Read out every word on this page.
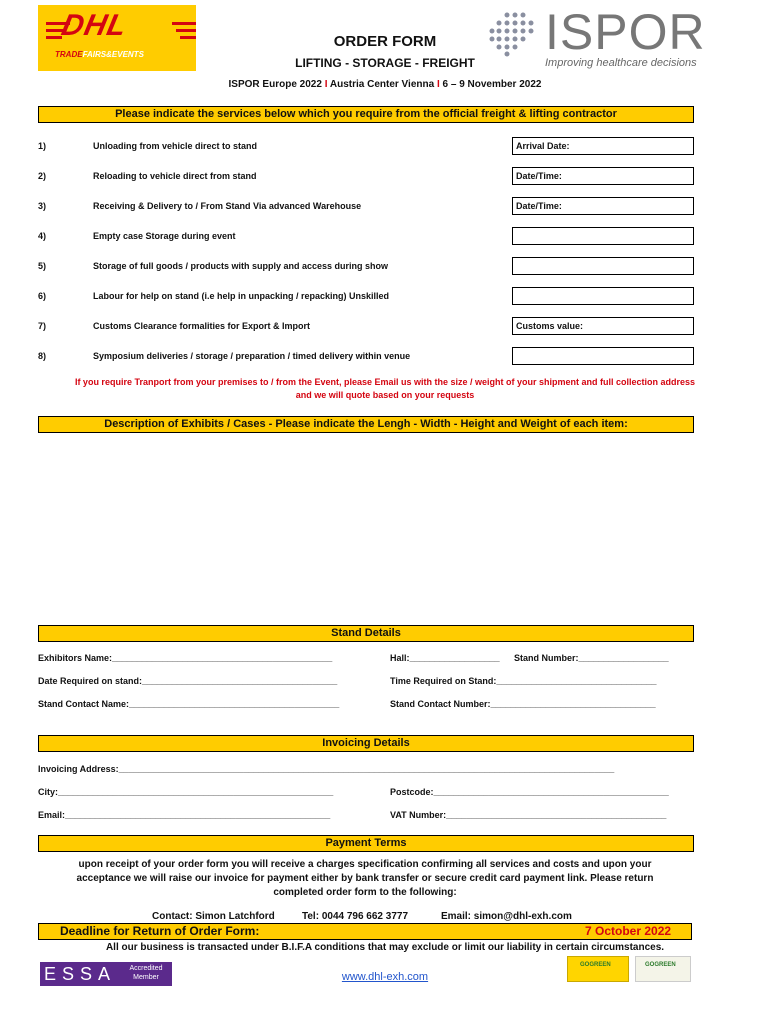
DHL
TRADEFAIRS&EVENTS	ISPOR
Improving healthcare decisions
ORDER FORM
LIFTING - STORAGE - FREIGHT
ISPOR Europe 2022 I Austria Center Vienna I 6 – 9 November 2022
Please indicate the services below which you require from the official freight & lifting contractor
1)	Unloading from vehicle direct to stand	Arrival Date:
2)	Reloading to vehicle direct from stand	Date/Time:
3)	Receiving & Delivery to / From Stand Via advanced Warehouse	Date/Time:
4)	Empty case Storage during event
5)	Storage of full goods / products with supply and access during show
6)	Labour for help on stand (i.e help in unpacking / repacking) Unskilled
7)	Customs Clearance formalities for Export & Import	Customs value:
8)	Symposium deliveries / storage / preparation / timed delivery within venue
If you require Tranport from your premises to / from the Event, please Email us with the size / weight of your shipment and full collection address
and we will quote based on your requests
Description of Exhibits / Cases - Please indicate the Lengh - Width - Height and Weight of each item:
Stand Details
Exhibitors Name:____________________________________________	Hall:__________________ Stand Number:__________________
Date Required on stand:_______________________________________	Time Required on Stand:________________________________
Stand Contact Name:__________________________________________	Stand Contact Number:_________________________________
Invoicing Details
Invoicing Address:___________________________________________________________________________________________________
City:_______________________________________________________	Postcode:_______________________________________________
Email:_____________________________________________________	VAT Number:____________________________________________
Payment Terms
upon receipt of your order form you will receive a charges specification confirming all services and costs and upon your
acceptance we will raise our invoice for payment either by bank transfer or secure credit card payment link. Please return
completed order form to the following:
Contact: Simon Latchford	Tel: 0044 796 662 3777	Email: simon@dhl-exh.com
Deadline for Return of Order Form:	7 October 2022
All our business is transacted under B.I.F.A conditions that may exclude or limit our liability in certain circumstances.
ESSA	Accredited Member	www.dhl-exh.com
GOGREEN	GOGREEN
